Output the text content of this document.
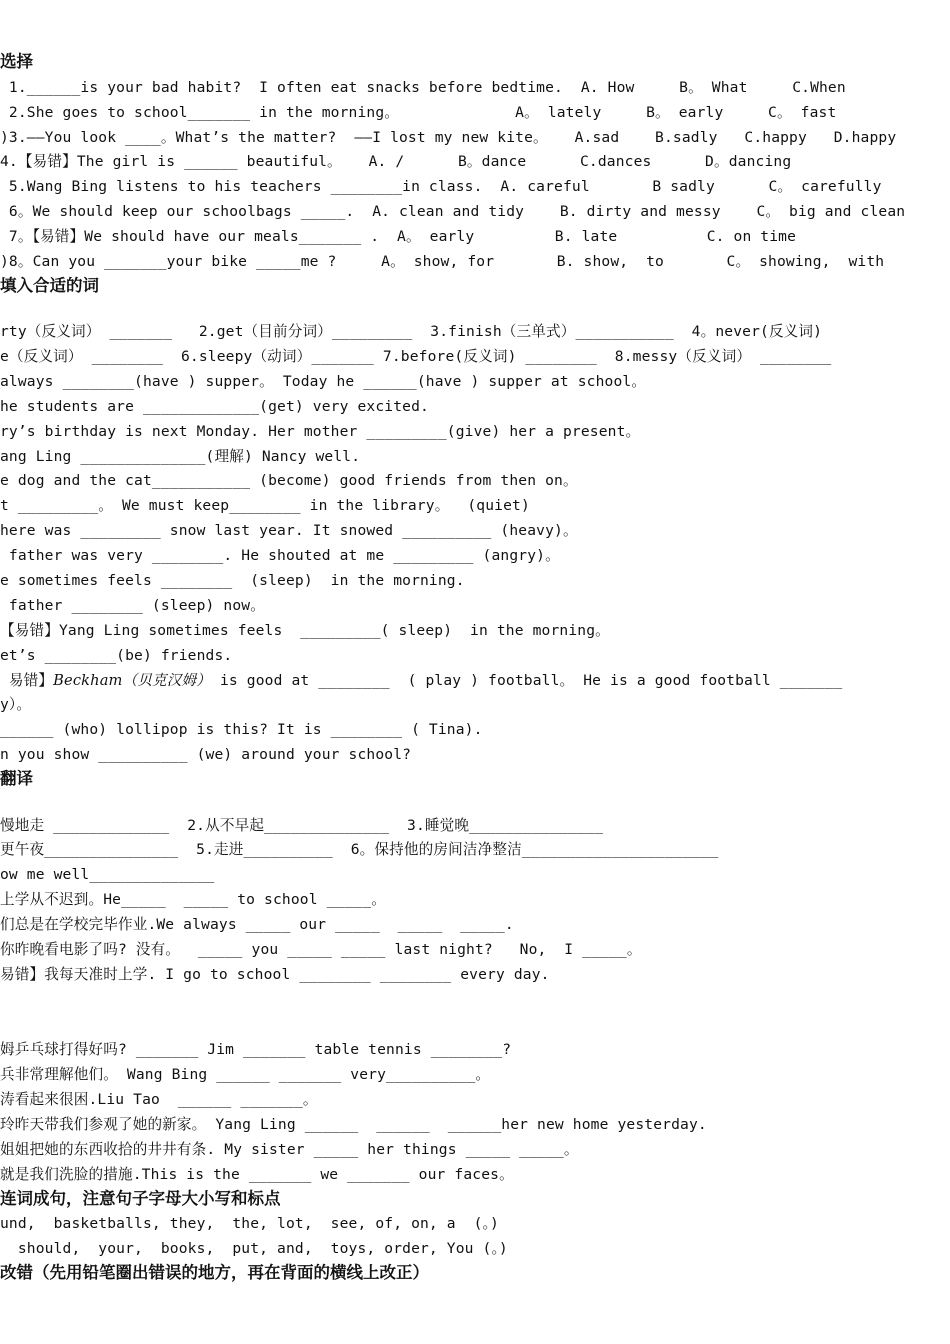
选择
1.______is your bad habit?  I often eat snacks before bedtime.  A. How     B。 What     C.When
2.She goes to school_______ in the morning。             A。 lately     B。 early     C。 fast
)3.——You look ____。What’s the matter?  ——I lost my new kite。   A.sad    B.sadly   C.happy   D.happy
4.【易错】The girl is ______ beautiful。   A. /      B。dance      C.dances      D。dancing
5.Wang Bing listens to his teachers ________in class.  A. careful       B sadly      C。 carefully
6。We should keep our schoolbags _____.  A. clean and tidy    B. dirty and messy    C。 big and clean
7。【易错】We should have our meals_______ .  A。 early         B. late          C. on time
)8。Can you _______your bike _____me ?     A。 show, for       B. show,  to       C。 showing,  with
填入合适的词
rty（反义词） _______   2.get（目前分词）_________  3.finish（三单式）___________  4。never(反义词)
e（反义词） ________  6.sleepy（动词）_______ 7.before(反义词) ________  8.messy（反义词） ________
always ________(have ) supper。 Today he ______(have ) supper at school。
he students are _____________(get) very excited.
ry’s birthday is next Monday. Her mother _________(give) her a present。
ang Ling ______________(理解) Nancy well.
e dog and the cat___________ (become) good friends from then on。
t _________。 We must keep________ in the library。  (quiet)
here was _________ snow last year. It snowed __________ (heavy)。
father was very ________. He shouted at me _________ (angry)。
e sometimes feels ________  (sleep)  in the morning.
father ________ (sleep) now。
【易错】Yang Ling sometimes feels  _________( sleep)  in the morning。
et’s ________(be) friends.
易错】Beckham（贝克汉姆） is good at ________  ( play ) football。 He is a good football _______
y）。
______ (who) lollipop is this? It is ________ ( Tina).
n you show __________ (we) around your school?
翻译
慢地走 _____________  2.从不早起______________  3.睡觉晚_______________
更午夜_______________  5.走进__________  6。保持他的房间洁净整洁______________________
ow me well______________
上学从不迟到。He_____  _____ to school _____。
们总是在学校完毕作业.We always _____ our _____  _____  _____.
你昨晚看电影了吗? 没有。  _____ you _____ _____ last night?   No,  I _____。
易错】我每天准时上学. I go to school ________ ________ every day.
姆乒乓球打得好吗? _______ Jim _______ table tennis ________?
兵非常理解他们。 Wang Bing ______ _______ very__________。
涛看起来很困.Liu Tao  ______ _______。
玲昨天带我们参观了她的新家。 Yang Ling ______  ______  ______her new home yesterday.
姐姐把她的东西收拾的井井有条. My sister _____ her things _____ _____。
就是我们洗脸的措施.This is the _______ we _______ our faces。
连词成句，注意句子字母大小写和标点
und,  basketballs, they,  the, lot,  see, of, on, a  (。)
should,  your,  books,  put, and,  toys, order, You (。)
改错（先用铅笔圈出错误的地方，再在背面的横线上改正）
